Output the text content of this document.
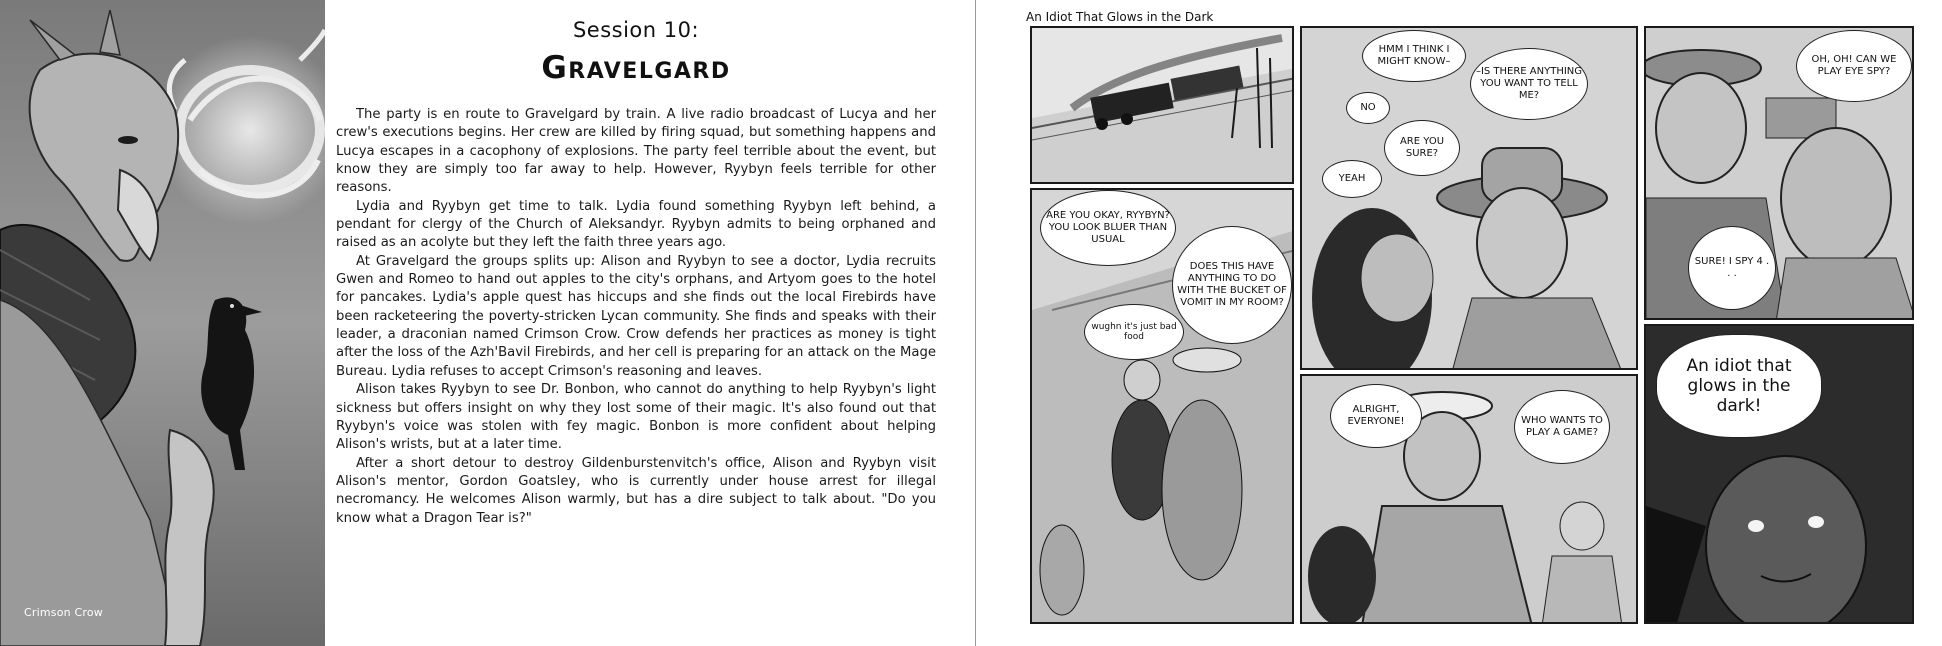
Crimson Crow
Session 10:
Gravelgard

The party is en route to Gravelgard by train. A live radio broadcast of Lucya and her crew's executions begins. Her crew are killed by firing squad, but something happens and Lucya escapes in a cacophony of explosions. The party feel terrible about the event, but know they are simply too far away to help. However, Ryybyn feels terrible for other reasons.

Lydia and Ryybyn get time to talk. Lydia found something Ryybyn left behind, a pendant for clergy of the Church of Aleksandyr. Ryybyn admits to being orphaned and raised as an acolyte but they left the faith three years ago.

At Gravelgard the groups splits up: Alison and Ryybyn to see a doctor, Lydia recruits Gwen and Romeo to hand out apples to the city's orphans, and Artyom goes to the hotel for pancakes. Lydia's apple quest has hiccups and she finds out the local Firebirds have been racketeering the poverty-stricken Lycan community. She finds and speaks with their leader, a draconian named Crimson Crow. Crow defends her practices as money is tight after the loss of the Azh'Bavil Firebirds, and her cell is preparing for an attack on the Mage Bureau. Lydia refuses to accept Crimson's reasoning and leaves.

Alison takes Ryybyn to see Dr. Bonbon, who cannot do anything to help Ryybyn's light sickness but offers insight on why they lost some of their magic. It's also found out that Ryybyn's voice was stolen with fey magic. Bonbon is more confident about helping Alison's wrists, but at a later time.

After a short detour to destroy Gildenburstenvitch's office, Alison and Ryybyn visit Alison's mentor, Gordon Goatsley, who is currently under house arrest for illegal necromancy. He welcomes Alison warmly, but has a dire subject to talk about. "Do you know what a Dragon Tear is?"

An Idiot That Glows in the Dark
HMM I THINK I MIGHT KNOW–
–IS THERE ANYTHING YOU WANT TO TELL ME?
NO
ARE YOU SURE?
YEAH
OH, OH! CAN WE PLAY EYE SPY?
SURE! I SPY 4 . . .
ARE YOU OKAY, RYYBYN? YOU LOOK BLUER THAN USUAL
DOES THIS HAVE ANYTHING TO DO WITH THE BUCKET OF VOMIT IN MY ROOM?
wughn it's just bad food
ALRIGHT, EVERYONE!	WHO WANTS TO PLAY A GAME?
An idiot that glows in the dark!
